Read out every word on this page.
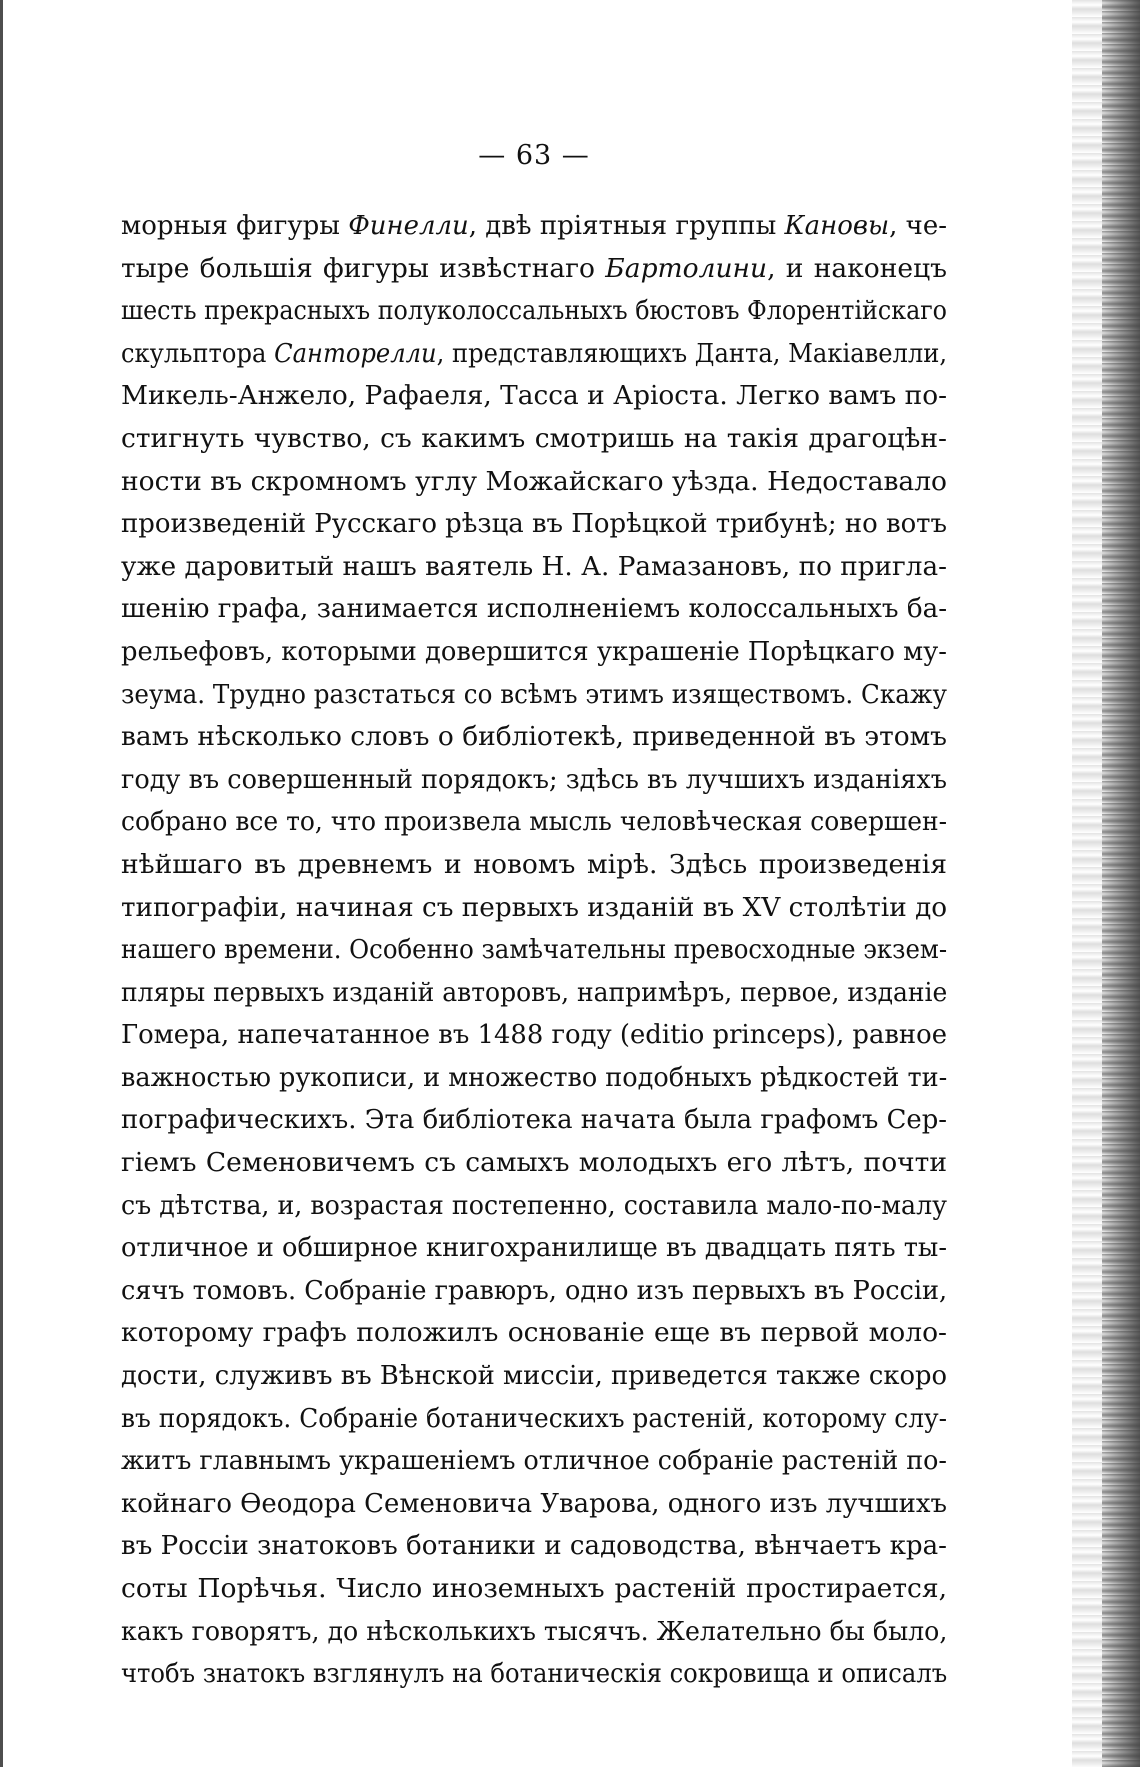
— 63 —
морныя фигуры Финелли, двѣ пріятныя группы Кановы, че-
тыре большія фигуры извѣстнаго Бартолини, и наконецъ
шесть прекрасныхъ полуколоссальныхъ бюстовъ Флорентійскаго
скульптора Санторелли, представляющихъ Данта, Макіавелли,
Микель-Анжело, Рафаеля, Тасса и Аріоста. Легко вамъ по-
стигнуть чувство, съ какимъ смотришь на такія драгоцѣн-
ности въ скромномъ углу Можайскаго уѣзда. Недоставало
произведеній Русскаго рѣзца въ Порѣцкой трибунѣ; но вотъ
уже даровитый нашъ ваятель Н. А. Рамазановъ, по пригла-
шенію графа, занимается исполненіемъ колоссальныхъ ба-
рельефовъ, которыми довершится украшеніе Порѣцкаго му-
зеума. Трудно разстаться со всѣмъ этимъ изяществомъ. Скажу
вамъ нѣсколько словъ о библіотекѣ, приведенной въ этомъ
году въ совершенный порядокъ; здѣсь въ лучшихъ изданіяхъ
собрано все то, что произвела мысль человѣческая совершен-
нѣйшаго въ древнемъ и новомъ мірѣ. Здѣсь произведенія
типографіи, начиная съ первыхъ изданій въ XV столѣтіи до
нашего времени. Особенно замѣчательны превосходные экзем-
пляры первыхъ изданій авторовъ, напримѣръ, первое, изданіе
Гомера, напечатанное въ 1488 году (editio princeps), равное
важностью рукописи, и множество подобныхъ рѣдкостей ти-
пографическихъ. Эта библіотека начата была графомъ Сер-
гіемъ Семеновичемъ съ самыхъ молодыхъ его лѣтъ, почти
съ дѣтства, и, возрастая постепенно, составила мало-по-малу
отличное и обширное книгохранилище въ двадцать пять ты-
сячъ томовъ. Собраніе гравюръ, одно изъ первыхъ въ Россіи,
которому графъ положилъ основаніе еще въ первой моло-
дости, служивъ въ Вѣнской миссіи, приведется также скоро
въ порядокъ. Собраніе ботаническихъ растеній, которому слу-
житъ главнымъ украшеніемъ отличное собраніе растеній по-
койнаго Ѳеодора Семеновича Уварова, одного изъ лучшихъ
въ Россіи знатоковъ ботаники и садоводства, вѣнчаетъ кра-
соты Порѣчья. Число иноземныхъ растеній простирается,
какъ говорятъ, до нѣсколькихъ тысячъ. Желательно бы было,
чтобъ знатокъ взглянулъ на ботаническія сокровища и описалъ
